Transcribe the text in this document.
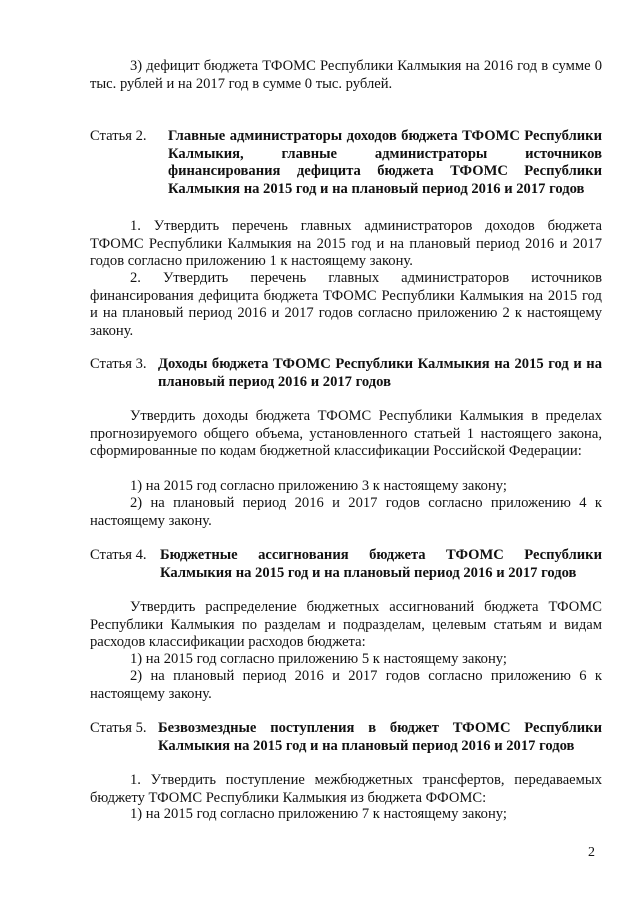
3) дефицит бюджета ТФОМС Республики Калмыкия на 2016 год в сумме 0 тыс. рублей и на 2017 год в сумме 0 тыс. рублей.

Статья 2. Главные администраторы доходов бюджета ТФОМС Республики Калмыкия, главные администраторы источников финансирования дефицита бюджета ТФОМС Республики Калмыкия на 2015 год и на плановый период 2016 и 2017 годов

1. Утвердить перечень главных администраторов доходов бюджета ТФОМС Республики Калмыкия на 2015 год и на плановый период 2016 и 2017 годов согласно приложению 1 к настоящему закону.

2. Утвердить перечень главных администраторов источников финансирования дефицита бюджета ТФОМС Республики Калмыкия на 2015 год и на плановый период 2016 и 2017 годов согласно приложению 2 к настоящему закону.

Статья 3. Доходы бюджета ТФОМС Республики Калмыкия на 2015 год и на плановый период 2016 и 2017 годов

Утвердить доходы бюджета ТФОМС Республики Калмыкия в пределах прогнозируемого общего объема, установленного статьей 1 настоящего закона, сформированные по кодам бюджетной классификации Российской Федерации:

1) на 2015 год согласно приложению 3 к настоящему закону;

2) на плановый период 2016 и 2017 годов согласно приложению 4 к настоящему закону.

Статья 4. Бюджетные ассигнования бюджета ТФОМС Республики Калмыкия на 2015 год и на плановый период 2016 и 2017 годов

Утвердить распределение бюджетных ассигнований бюджета ТФОМС Республики Калмыкия по разделам и подразделам, целевым статьям и видам расходов классификации расходов бюджета:

1) на 2015 год согласно приложению 5 к настоящему закону;

2) на плановый период 2016 и 2017 годов согласно приложению 6 к настоящему закону.

Статья 5. Безвозмездные поступления в бюджет ТФОМС Республики Калмыкия на 2015 год и на плановый период 2016 и 2017 годов

1. Утвердить поступление межбюджетных трансфертов, передаваемых бюджету ТФОМС Республики Калмыкия из бюджета ФФОМС:

1) на 2015 год согласно приложению 7 к настоящему закону;

2
